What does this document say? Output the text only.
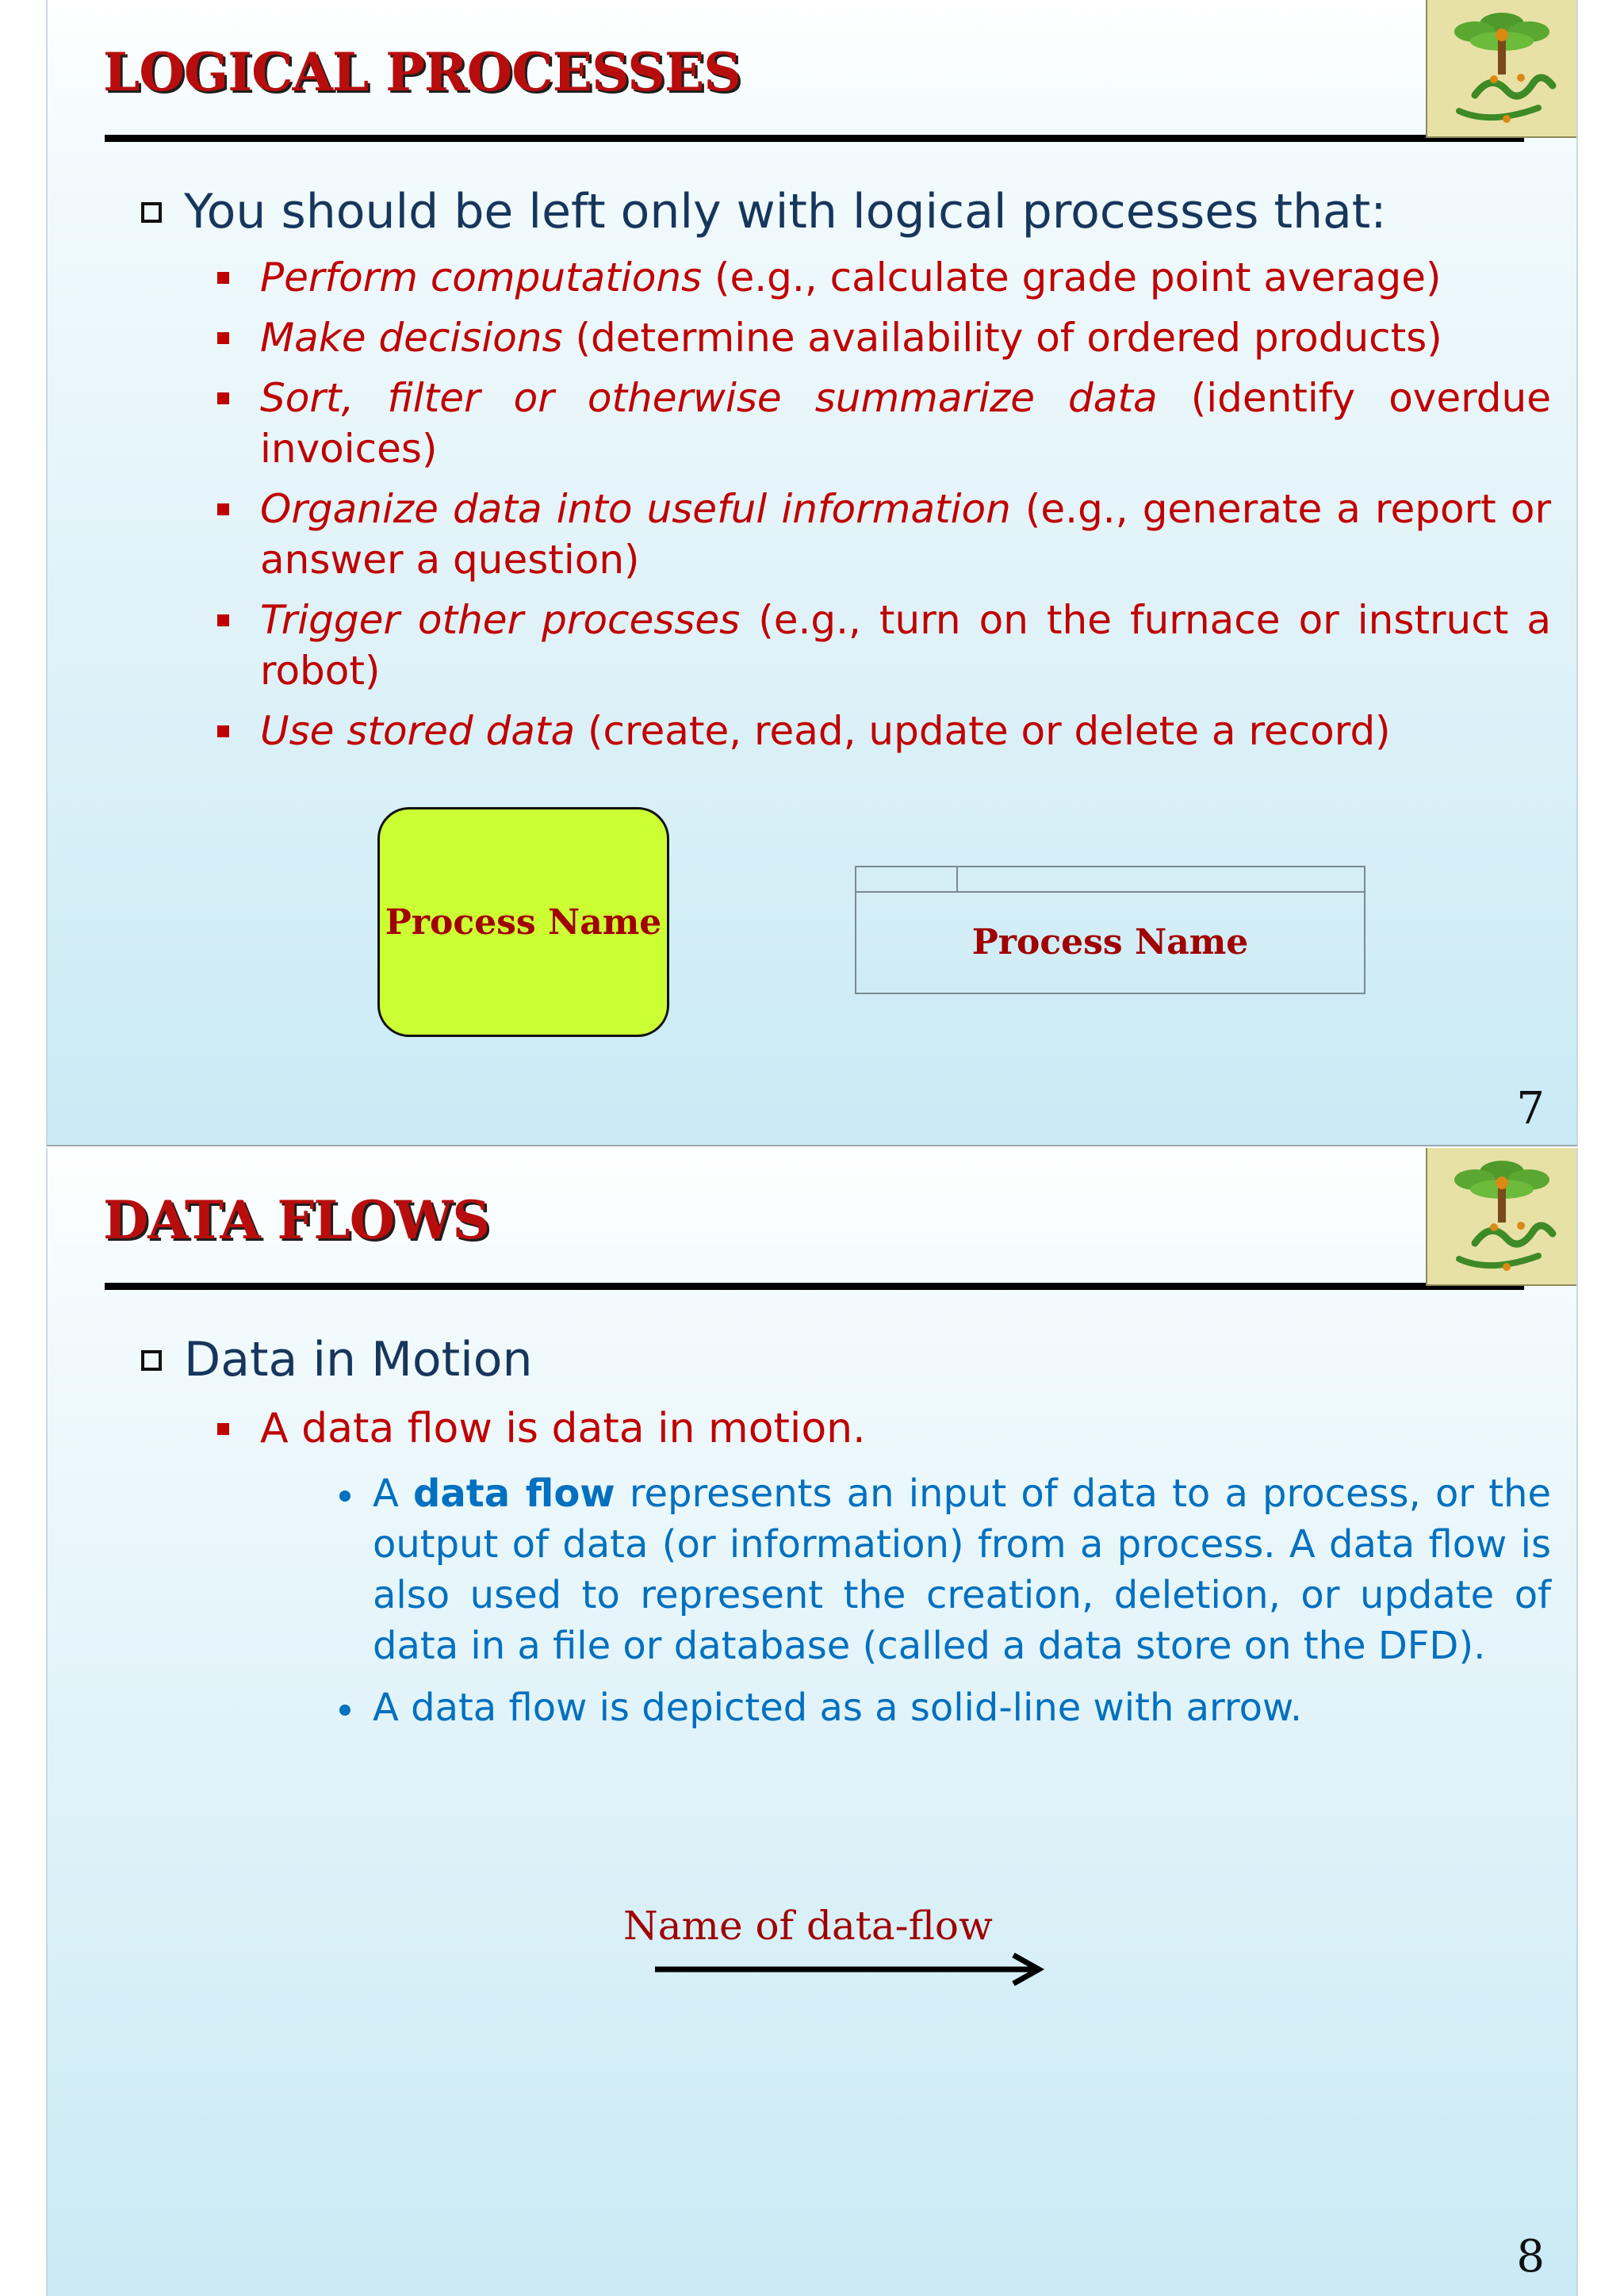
LOGICAL PROCESSES
You should be left only with logical processes that:
Perform computations (e.g., calculate grade point average)
Make decisions (determine availability of ordered products)
Sort, filter or otherwise summarize data (identify overdue invoices)
Organize data into useful information (e.g., generate a report or answer a question)
Trigger other processes (e.g., turn on the furnace or instruct a robot)
Use stored data (create, read, update or delete a record)
Process Name	Process Name
7
DATA FLOWS
Data in Motion
A data flow is data in motion.
A data flow represents an input of data to a process, or the output of data (or information) from a process. A data flow is also used to represent the creation, deletion, or update of data in a file or database (called a data store on the DFD).
A data flow is depicted as a solid-line with arrow.
Name of data-flow
8
